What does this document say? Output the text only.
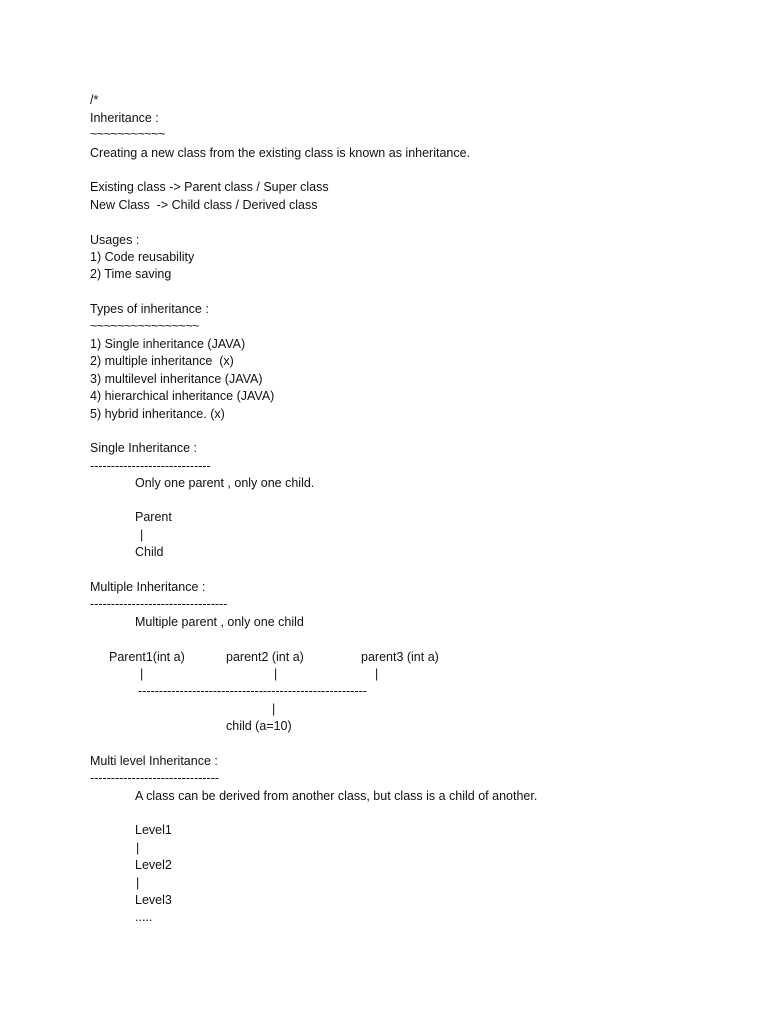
/*
Inheritance :
~~~~~~~~~~~
Creating a new class from the existing class is known as inheritance.
Existing class -> Parent class / Super class
New Class  -> Child class / Derived class
Usages :
1) Code reusability
2) Time saving
Types of inheritance :
~~~~~~~~~~~~~~~~
1) Single inheritance (JAVA)
2) multiple inheritance  (x)
3) multilevel inheritance (JAVA)
4) hierarchical inheritance (JAVA)
5) hybrid inheritance. (x)
Single Inheritance :
-----------------------------
Only one parent , only one child.
Parent
|
Child
Multiple Inheritance :
---------------------------------
Multiple parent , only one child
Parent1(int a)	parent2 (int a)	parent3 (int a)
|	|	|
-------------------------------------------------------
|
child (a=10)
Multi level Inheritance :
-------------------------------
A class can be derived from another class, but class is a child of another.
Level1
|
Level2
|
Level3
.....
